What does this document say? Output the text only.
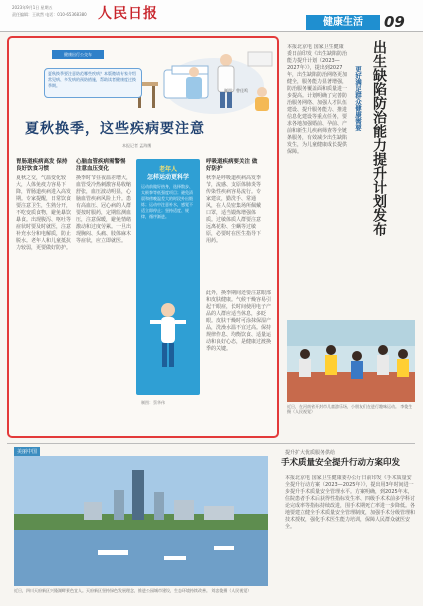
2023年9月1日 星期五
责任编辑：王欲然 电话：010-65368380 人民日报
健康生活	09
健康出行公交车
夏秋换季要注意防范哪些疾病？本版邀请专家介绍常见病、多发病的预防措施，帮助读者健康度过换季期。
制图：曾佳鸣
夏秋换季，这些疾病要注意
本报记者 孟海鹰
胃肠道疾病高发 保持良好饮食习惯
夏秋之交，气温变化较大，人体免疫力容易下降，胃肠道疾病进入高发期。专家提醒，日常饮食要注意卫生，生熟分开，不吃变质食物，避免暴饮暴食。出现腹泻、呕吐等症状时要及时就医，注意补充水分和电解质，防止脱水。老年人和儿童抵抗力较弱，更要做好防护。
心脑血管疾病需警惕 注意血压变化
换季时节昼夜温差增大，血管受冷热刺激容易收缩舒张，血压波动明显，心脑血管疾病风险上升。患有高血压、冠心病的人群要按时服药，定期监测血压，注意保暖，避免情绪激动和过度劳累。一旦出现胸闷、头痛、肢体麻木等症状，应立即就医。
老年人
怎样运动更科学
运动前做好热身，选择散步、太极拳等低强度项目；避免清晨和傍晚温差大的时段外出锻炼；运动中注意补水，感觉不适立即停止；坚持适度、规律，循序渐进。
制图：蔡华伟
呼吸道疾病要关注 做好防护
秋季是呼吸道疾病高发季节，流感、支原体肺炎等传染性疾病容易流行。专家建议，勤洗手、常通风，在人员密集场所佩戴口罩，适当锻炼增强体质。过敏体质人群要注意远离花粉、尘螨等过敏原，必要时在医生指导下用药。
此外，换季期间还要注意眼部和皮肤健康。气候干燥容易引起干眼症，长时间使用电子产品的人群应适当休息，多眨眼。皮肤干燥时可涂抹保湿产品，洗澡水温不宜过高。保持规律作息、均衡饮食、适量运动和良好心态，是健康过渡换季的关键。
出生缺陷防治能力提升计划发布
更好满足群众健康需要
本报北京电 国家卫生健康委日前印发《出生缺陷防治能力提升计划（2023—2027年）》，提出到2027年，出生缺陷防治网络更加健全，服务能力显著增强，防治服务覆盖面和质量进一步提高。计划明确了完善防治服务网络、加强人才队伍建设、提升服务能力、推进信息化建设等重点任务，要求各地加强婚前、孕前、产前和新生儿疾病筛查等全链条服务，有效减少出生缺陷发生，为儿童健康成长提供保障。
近日，在河南省开封市儿童游乐场，小朋友们在进行趣味运动。 李俊生摄（人民视觉）
美丽中国
近日，四川天府新区兴隆湖畔景色宜人。天府新区坚持绿色发展理念，推进公园城市建设，生态环境持续改善。 刘忠俊摄（人民视觉）
提升扩大优质服务供给
手术质量安全提升行动方案印发
本报北京电 国家卫生健康委办公厅日前印发《手术质量安全提升行动方案（2023—2025年）》，提出用3年时间进一步提升手术质量安全管理水平。方案明确，到2025年末，住院患者手术后获得性指标发生率、四级手术术前多学科讨论完成率等指标持续改进，围手术期死亡率进一步降低。各地要建立健全手术质量安全管理制度，加强手术分级管理和技术授权，强化手术医生能力培训，保障人民群众就医安全。
